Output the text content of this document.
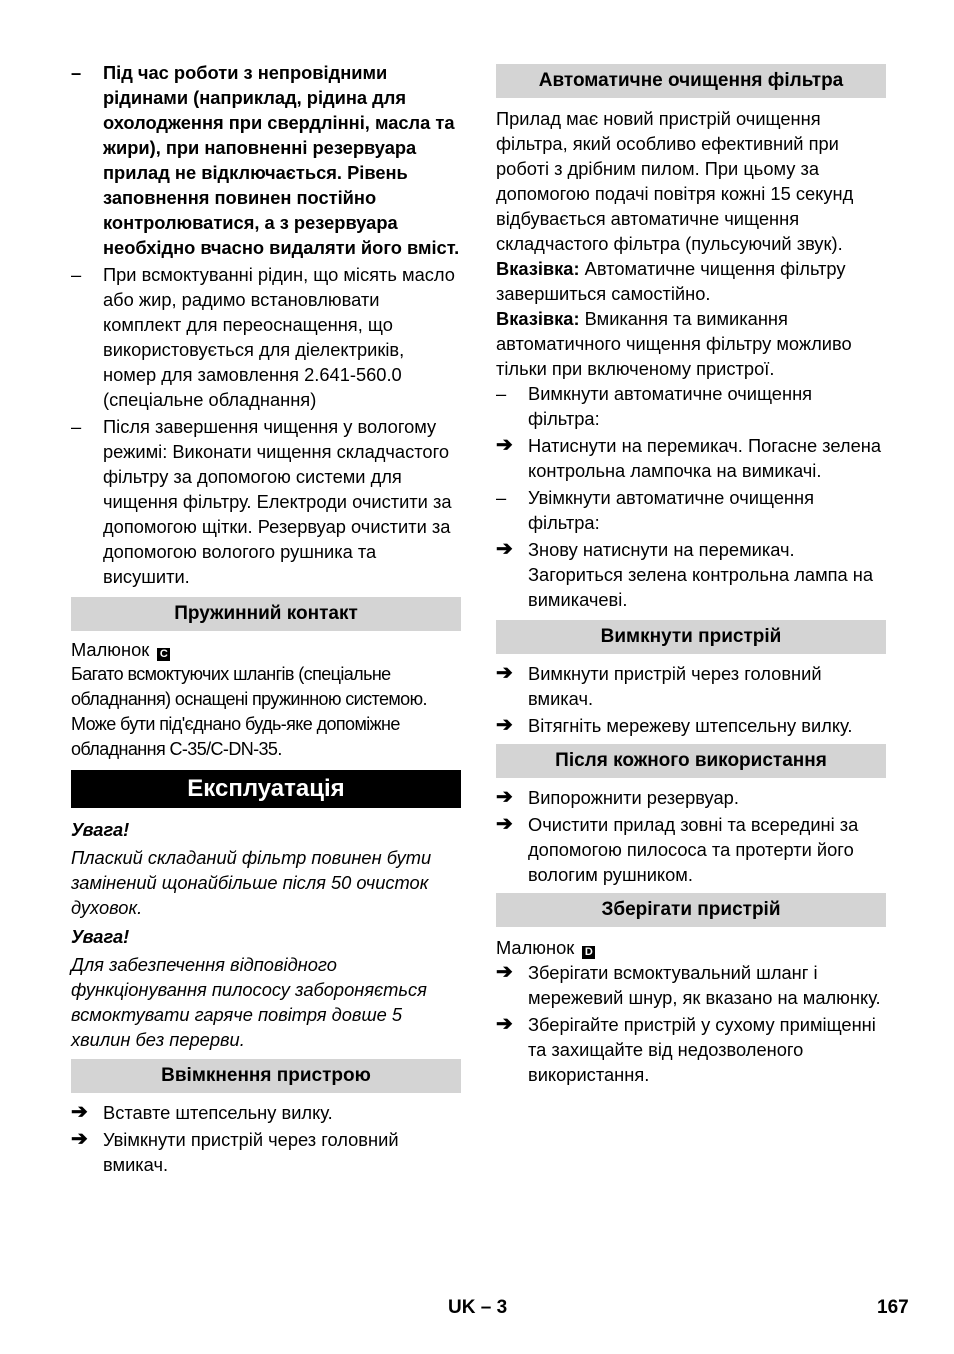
–	Під час роботи з непровідними рідинами (наприклад, рідина для охолодження при свердлінні, масла та жири), при наповненні резервуара прилад не відключається. Рівень заповнення повинен постійно контролюватися, а з резервуара необхідно вчасно видаляти його вміст.
–	При всмоктуванні рідин, що місять масло або жир, радимо встановлювати комплект для переоснащення, що використовується для діелектриків, номер для замовлення 2.641-560.0 (спеціальне обладнання)
–	Після завершення чищення у вологому режимі: Виконати чищення складчастого фільтру за допомогою системи для чищення фільтру. Електроди очистити за допомогою щітки. Резервуар очистити за допомогою вологого рушника та висушити.
Пружинний контакт

Малюнок C

Багато всмоктуючих шлангів (спеціальне обладнання) оснащені пружинною системою. Може бути під'єднано будь-яке допоміжне обладнання C-35/C-DN-35.

Експлуатація

Увага!

Плаский складаний фільтр повинен бути замінений щонайбільше після 50 очисток духовок.

Увага!

Для забезпечення відповідного функціонування пилососу забороняється всмоктувати гаряче повітря довше 5 хвилин без перерви.

Ввімкнення пристрою
➔ Вставте штепсельну вилку.
➔ Увімкнути пристрій через головний вмикач.
Автоматичне очищення фільтра

Прилад має новий пристрій очищення фільтра, який особливо ефективний при роботі з дрібним пилом. При цьому за допомогою подачі повітря кожні 15 секунд відбувається автоматичне чищення складчастого фільтра (пульсуючий звук).

Вказівка: Автоматичне чищення фільтру завершиться самостійно.

Вказівка: Вмикання та вимикання автоматичного чищення фільтру можливо тільки при включеному пристрої.

–	Вимкнути автоматичне очищення фільтра:
➔ Натиснути на перемикач. Погасне зелена контрольна лампочка на вимикачі.
–	Увімкнути автоматичне очищення фільтра:
➔ Знову натиснути на перемикач. Загориться зелена контрольна лампа на вимикачеві.
Вимкнути пристрій
➔ Вимкнути пристрій через головний вмикач.
➔ Вітягніть мережеву штепсельну вилку.
Після кожного використання
➔ Випорожнити резервуар.
➔ Очистити прилад зовні та всередині за допомогою пилососа та протерти його вологим рушником.
Зберігати пристрій

Малюнок D

➔ Зберігати всмоктувальний шланг і мережевий шнур, як вказано на малюнку.
➔ Зберігайте пристрій у сухому приміщенні та захищайте від недозволеного використання.
UK – 3	167
